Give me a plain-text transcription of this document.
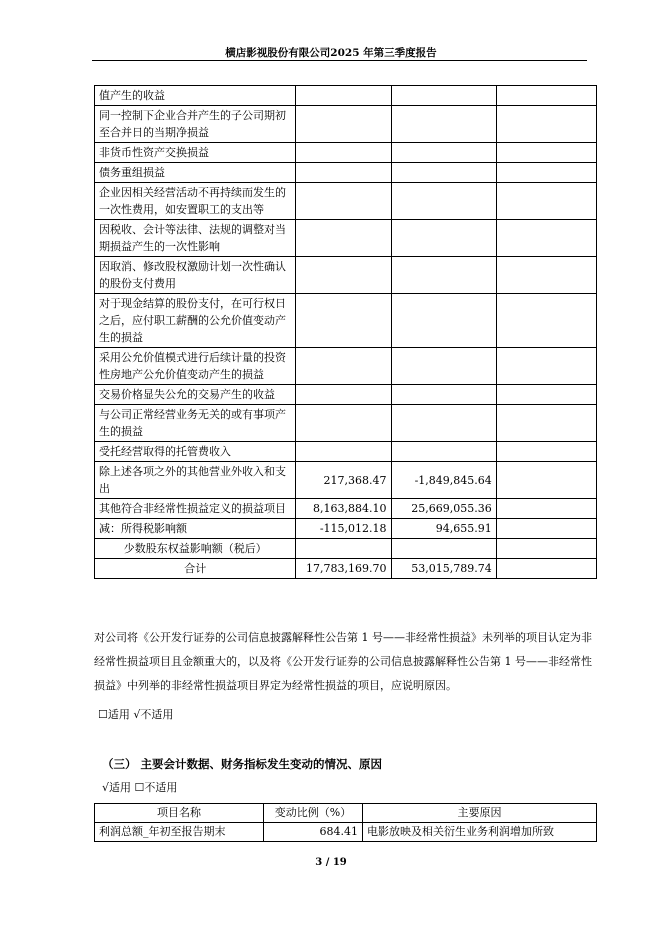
横店影视股份有限公司2025 年第三季度报告
值产生的收益			
同一控制下企业合并产生的子公司期初至合并日的当期净损益			
非货币性资产交换损益			
债务重组损益			
企业因相关经营活动不再持续而发生的一次性费用，如安置职工的支出等			
因税收、会计等法律、法规的调整对当期损益产生的一次性影响			
因取消、修改股权激励计划一次性确认的股份支付费用			
对于现金结算的股份支付，在可行权日之后，应付职工薪酬的公允价值变动产生的损益			
采用公允价值模式进行后续计量的投资性房地产公允价值变动产生的损益			
交易价格显失公允的交易产生的收益			
与公司正常经营业务无关的或有事项产生的损益			
受托经营取得的托管费收入			
除上述各项之外的其他营业外收入和支出	217,368.47	-1,849,845.64	
其他符合非经常性损益定义的损益项目	8,163,884.10	25,669,055.36	
减：所得税影响额	-115,012.18	94,655.91	
少数股东权益影响额（税后）			
合计	17,783,169.70	53,015,789.74	
对公司将《公开发行证券的公司信息披露解释性公告第 1 号——非经常性损益》未列举的项目认定为非经常性损益项目且金额重大的，以及将《公开发行证券的公司信息披露解释性公告第 1 号——非经常性损益》中列举的非经常性损益项目界定为经常性损益的项目，应说明原因。
☐适用 √不适用
（三） 主要会计数据、财务指标发生变动的情况、原因
√适用 ☐不适用
项目名称	变动比例（%）	主要原因
利润总额_年初至报告期末	684.41	电影放映及相关衍生业务利润增加所致
3 / 19
